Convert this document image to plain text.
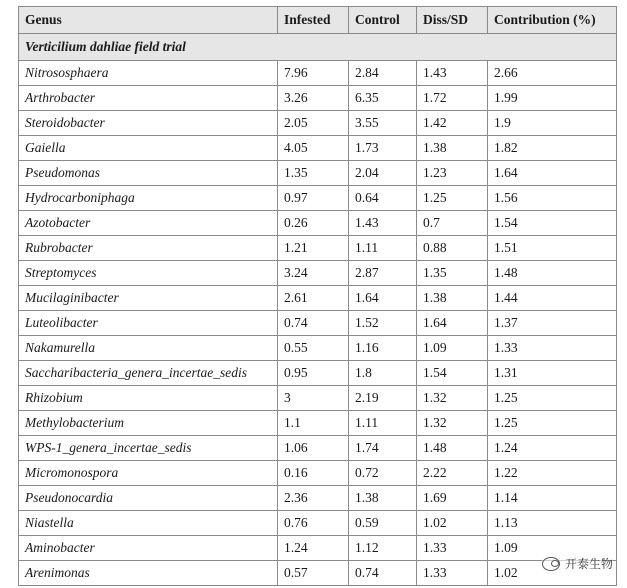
Genus	Infested	Control	Diss/SD	Contribution (%)
Verticilium dahliae field trial				
Nitrososphaera	7.96	2.84	1.43	2.66
Arthrobacter	3.26	6.35	1.72	1.99
Steroidobacter	2.05	3.55	1.42	1.9
Gaiella	4.05	1.73	1.38	1.82
Pseudomonas	1.35	2.04	1.23	1.64
Hydrocarboniphaga	0.97	0.64	1.25	1.56
Azotobacter	0.26	1.43	0.7	1.54
Rubrobacter	1.21	1.11	0.88	1.51
Streptomyces	3.24	2.87	1.35	1.48
Mucilaginibacter	2.61	1.64	1.38	1.44
Luteolibacter	0.74	1.52	1.64	1.37
Nakamurella	0.55	1.16	1.09	1.33
Saccharibacteria_genera_incertae_sedis	0.95	1.8	1.54	1.31
Rhizobium	3	2.19	1.32	1.25
Methylobacterium	1.1	1.11	1.32	1.25
WPS-1_genera_incertae_sedis	1.06	1.74	1.48	1.24
Micromonospora	0.16	0.72	2.22	1.22
Pseudonocardia	2.36	1.38	1.69	1.14
Niastella	0.76	0.59	1.02	1.13
Aminobacter	1.24	1.12	1.33	1.09
Arenimonas	0.57	0.74	1.33	1.02
开泰生物
